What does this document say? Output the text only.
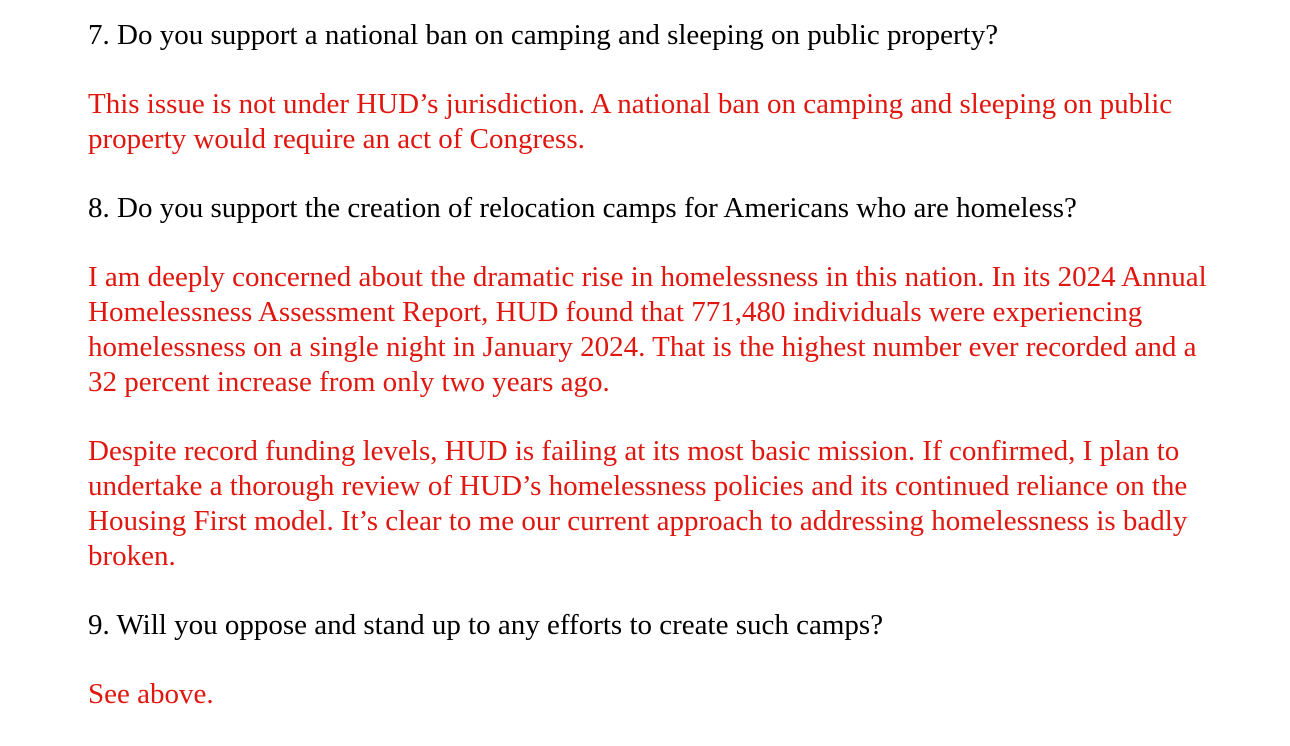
7. Do you support a national ban on camping and sleeping on public property?

This issue is not under HUD’s jurisdiction. A national ban on camping and sleeping on public
property would require an act of Congress.

8. Do you support the creation of relocation camps for Americans who are homeless?

I am deeply concerned about the dramatic rise in homelessness in this nation. In its 2024 Annual
Homelessness Assessment Report, HUD found that 771,480 individuals were experiencing
homelessness on a single night in January 2024. That is the highest number ever recorded and a
32 percent increase from only two years ago.

Despite record funding levels, HUD is failing at its most basic mission. If confirmed, I plan to
undertake a thorough review of HUD’s homelessness policies and its continued reliance on the
Housing First model. It’s clear to me our current approach to addressing homelessness is badly
broken.

9. Will you oppose and stand up to any efforts to create such camps?

See above.
